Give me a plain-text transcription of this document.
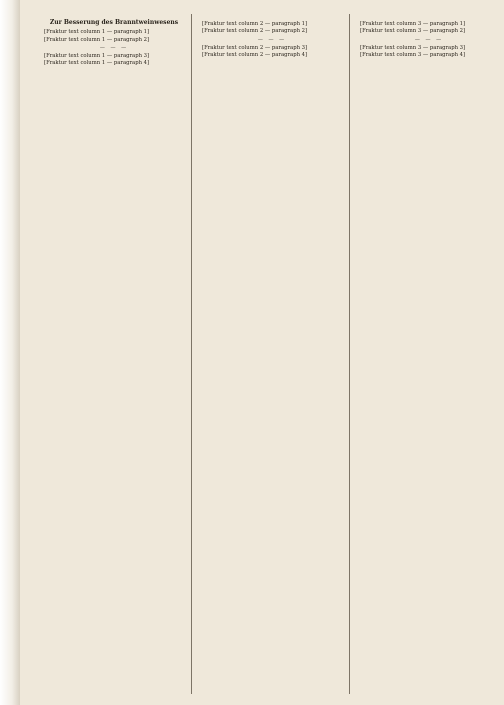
Zur Besserung des Branntweinwesens
[Fraktur text column 1 — paragraph 1]
[Fraktur text column 1 — paragraph 2]
— — —
[Fraktur text column 1 — paragraph 3]
[Fraktur text column 1 — paragraph 4]
[Fraktur text column 2 — paragraph 1]
[Fraktur text column 2 — paragraph 2]
— — —
[Fraktur text column 2 — paragraph 3]
[Fraktur text column 2 — paragraph 4]
[Fraktur text column 3 — paragraph 1]
[Fraktur text column 3 — paragraph 2]
— — —
[Fraktur text column 3 — paragraph 3]
[Fraktur text column 3 — paragraph 4]
